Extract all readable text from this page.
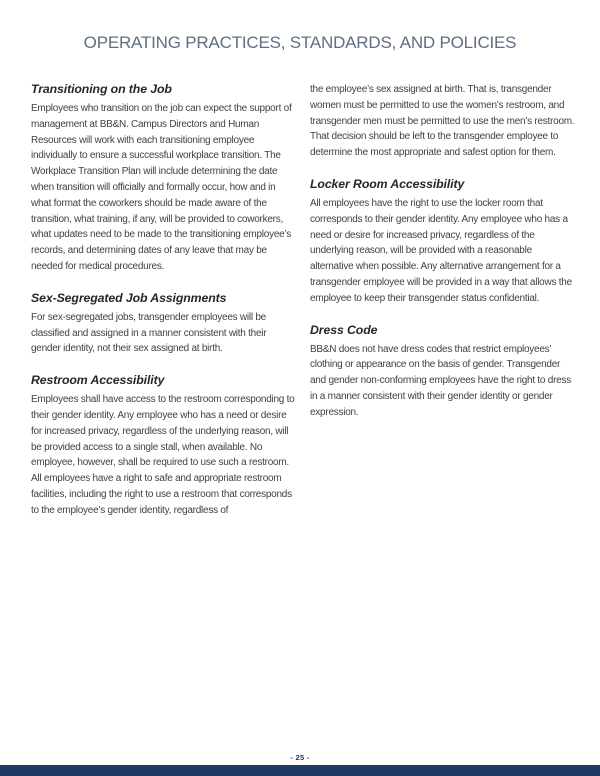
OPERATING PRACTICES, STANDARDS, AND POLICIES
Transitioning on the Job

Employees who transition on the job can expect the support of management at BB&N. Campus Directors and Human Resources will work with each transitioning employee individually to ensure a successful workplace transition. The Workplace Transition Plan will include determining the date when transition will officially and formally occur, how and in what format the coworkers should be made aware of the transition, what training, if any, will be provided to coworkers, what updates need to be made to the transitioning employee’s records, and determining dates of any leave that may be needed for medical procedures.

Sex-Segregated Job Assignments

For sex-segregated jobs, transgender employees will be classified and assigned in a manner consistent with their gender identity, not their sex assigned at birth.

Restroom Accessibility

Employees shall have access to the restroom corresponding to their gender identity. Any employee who has a need or desire for increased privacy, regardless of the underlying reason, will be provided access to a single stall, when available. No employee, however, shall be required to use such a restroom. All employees have a right to safe and appropriate restroom facilities, including the right to use a restroom that corresponds to the employee’s gender identity, regardless of

the employee’s sex assigned at birth. That is, transgender women must be permitted to use the women’s restroom, and transgender men must be permitted to use the men’s restroom. That decision should be left to the transgender employee to determine the most appropriate and safest option for them.

Locker Room Accessibility

All employees have the right to use the locker room that corresponds to their gender identity. Any employee who has a need or desire for increased privacy, regardless of the underlying reason, will be provided with a reasonable alternative when possible. Any alternative arrangement for a transgender employee will be provided in a way that allows the employee to keep their transgender status confidential.

Dress Code

BB&N does not have dress codes that restrict employees’ clothing or appearance on the basis of gender. Transgender and gender non-conforming employees have the right to dress in a manner consistent with their gender identity or gender expression.

- 25 -
